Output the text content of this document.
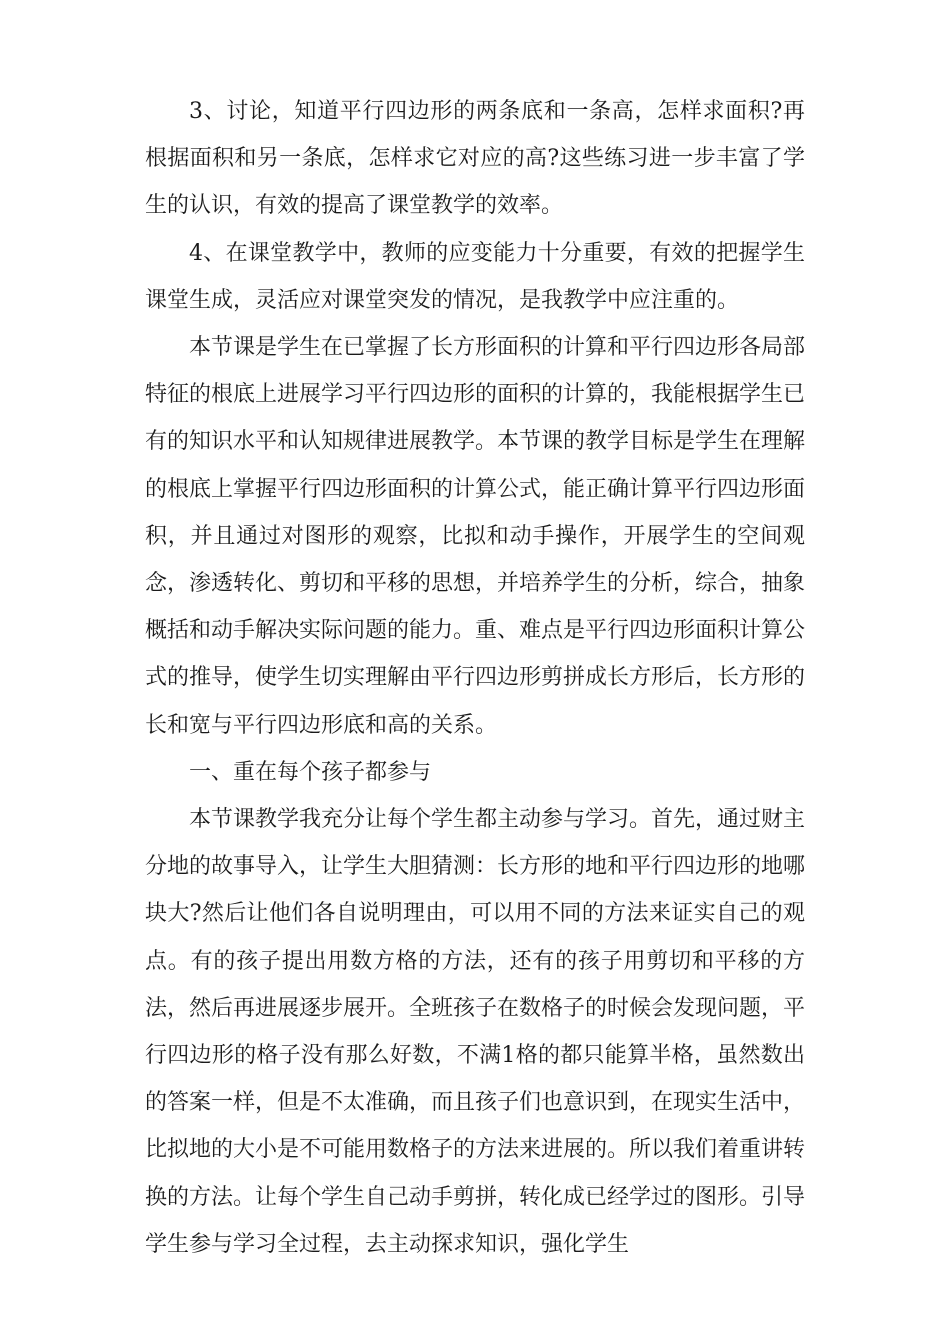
3、讨论，知道平行四边形的两条底和一条高，怎样求面积?再根据面积和另一条底，怎样求它对应的高?这些练习进一步丰富了学生的认识，有效的提高了课堂教学的效率。

4、在课堂教学中，教师的应变能力十分重要，有效的把握学生课堂生成，灵活应对课堂突发的情况，是我教学中应注重的。

本节课是学生在已掌握了长方形面积的计算和平行四边形各局部特征的根底上进展学习平行四边形的面积的计算的，我能根据学生已有的知识水平和认知规律进展教学。本节课的教学目标是学生在理解的根底上掌握平行四边形面积的计算公式，能正确计算平行四边形面积，并且通过对图形的观察，比拟和动手操作，开展学生的空间观念，渗透转化、剪切和平移的思想，并培养学生的分析，综合，抽象概括和动手解决实际问题的能力。重、难点是平行四边形面积计算公式的推导，使学生切实理解由平行四边形剪拼成长方形后，长方形的长和宽与平行四边形底和高的关系。

一、重在每个孩子都参与

本节课教学我充分让每个学生都主动参与学习。首先，通过财主分地的故事导入，让学生大胆猜测：长方形的地和平行四边形的地哪块大?然后让他们各自说明理由，可以用不同的方法来证实自己的观点。有的孩子提出用数方格的方法，还有的孩子用剪切和平移的方法，然后再进展逐步展开。全班孩子在数格子的时候会发现问题，平行四边形的格子没有那么好数，不满1格的都只能算半格，虽然数出的答案一样，但是不太准确，而且孩子们也意识到，在现实生活中，比拟地的大小是不可能用数格子的方法来进展的。所以我们着重讲转换的方法。让每个学生自己动手剪拼，转化成已经学过的图形。引导学生参与学习全过程，去主动探求知识，强化学生
